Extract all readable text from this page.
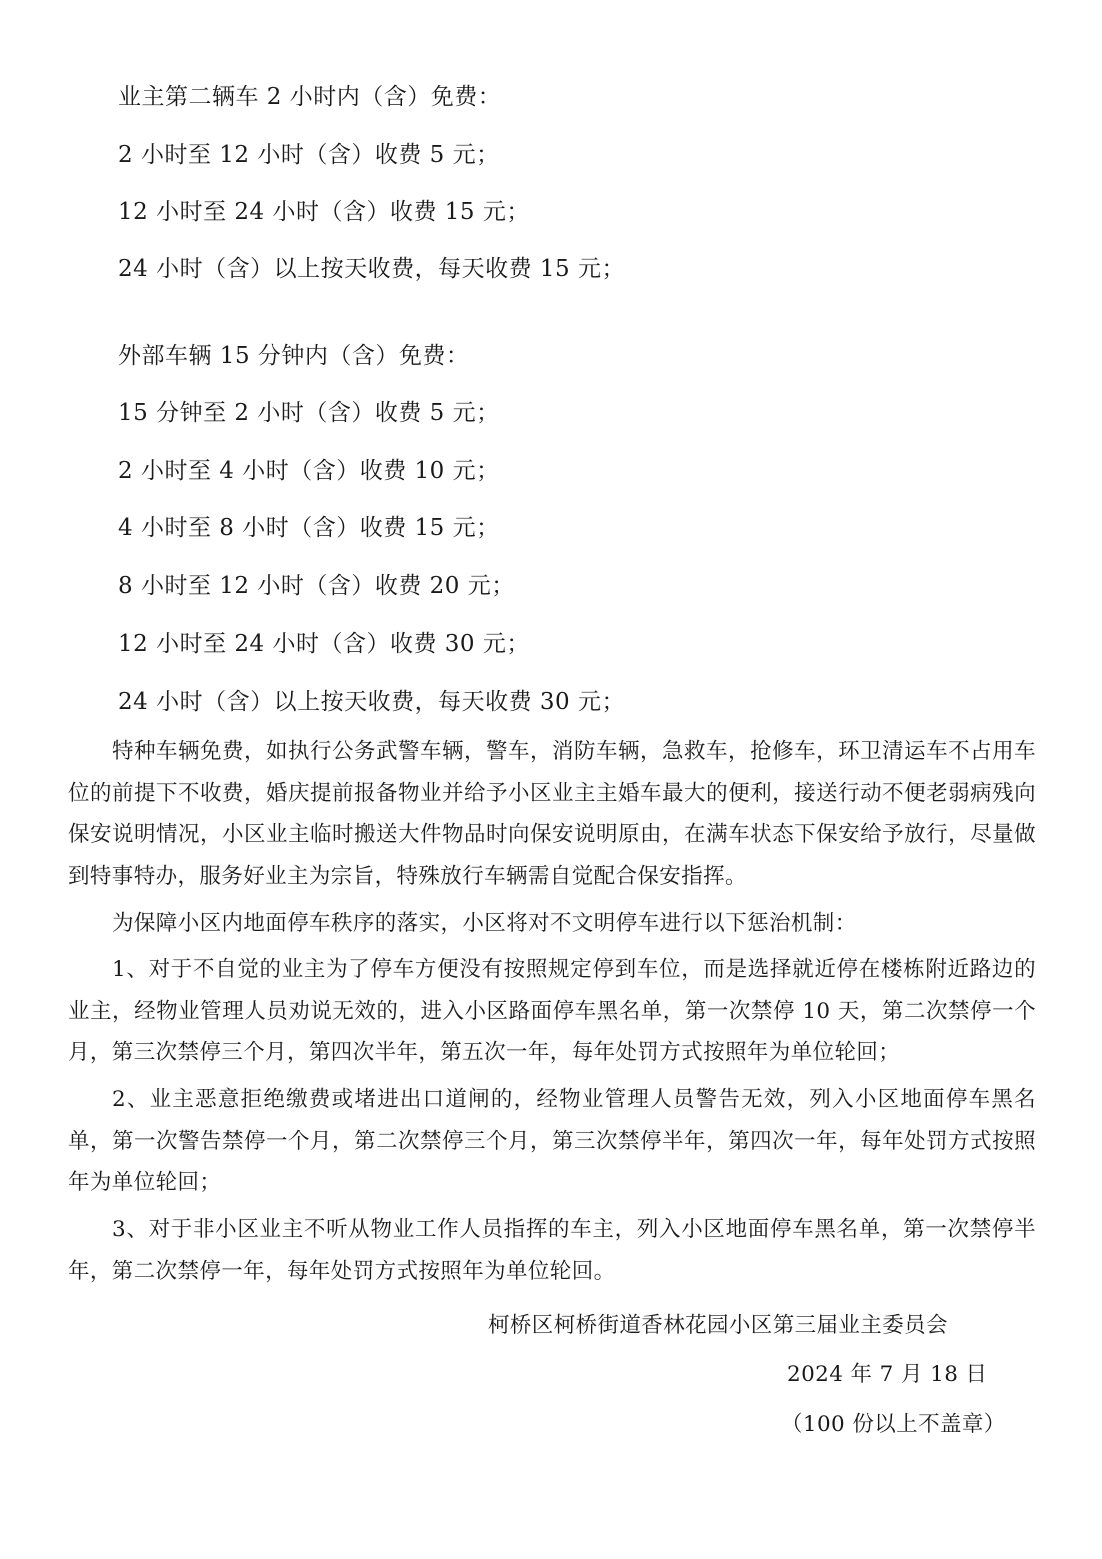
业主第二辆车 2 小时内（含）免费：
2 小时至 12 小时（含）收费 5 元；
12 小时至 24 小时（含）收费 15 元；
24 小时（含）以上按天收费，每天收费 15 元；
外部车辆 15 分钟内（含）免费：
15 分钟至 2 小时（含）收费 5 元；
2 小时至 4 小时（含）收费 10 元；
4 小时至 8 小时（含）收费 15 元；
8 小时至 12 小时（含）收费 20 元；
12 小时至 24 小时（含）收费 30 元；
24 小时（含）以上按天收费，每天收费 30 元；
特种车辆免费，如执行公务武警车辆，警车，消防车辆，急救车，抢修车，环卫清运车不占用车位的前提下不收费，婚庆提前报备物业并给予小区业主主婚车最大的便利，接送行动不便老弱病残向保安说明情况，小区业主临时搬送大件物品时向保安说明原由，在满车状态下保安给予放行，尽量做到特事特办，服务好业主为宗旨，特殊放行车辆需自觉配合保安指挥。
为保障小区内地面停车秩序的落实，小区将对不文明停车进行以下惩治机制：
1、对于不自觉的业主为了停车方便没有按照规定停到车位，而是选择就近停在楼栋附近路边的业主，经物业管理人员劝说无效的，进入小区路面停车黑名单，第一次禁停 10 天，第二次禁停一个月，第三次禁停三个月，第四次半年，第五次一年，每年处罚方式按照年为单位轮回；
2、业主恶意拒绝缴费或堵进出口道闸的，经物业管理人员警告无效，列入小区地面停车黑名单，第一次警告禁停一个月，第二次禁停三个月，第三次禁停半年，第四次一年，每年处罚方式按照年为单位轮回；
3、对于非小区业主不听从物业工作人员指挥的车主，列入小区地面停车黑名单，第一次禁停半年，第二次禁停一年，每年处罚方式按照年为单位轮回。
柯桥区柯桥街道香林花园小区第三届业主委员会
2024 年 7 月 18 日
（100 份以上不盖章）
